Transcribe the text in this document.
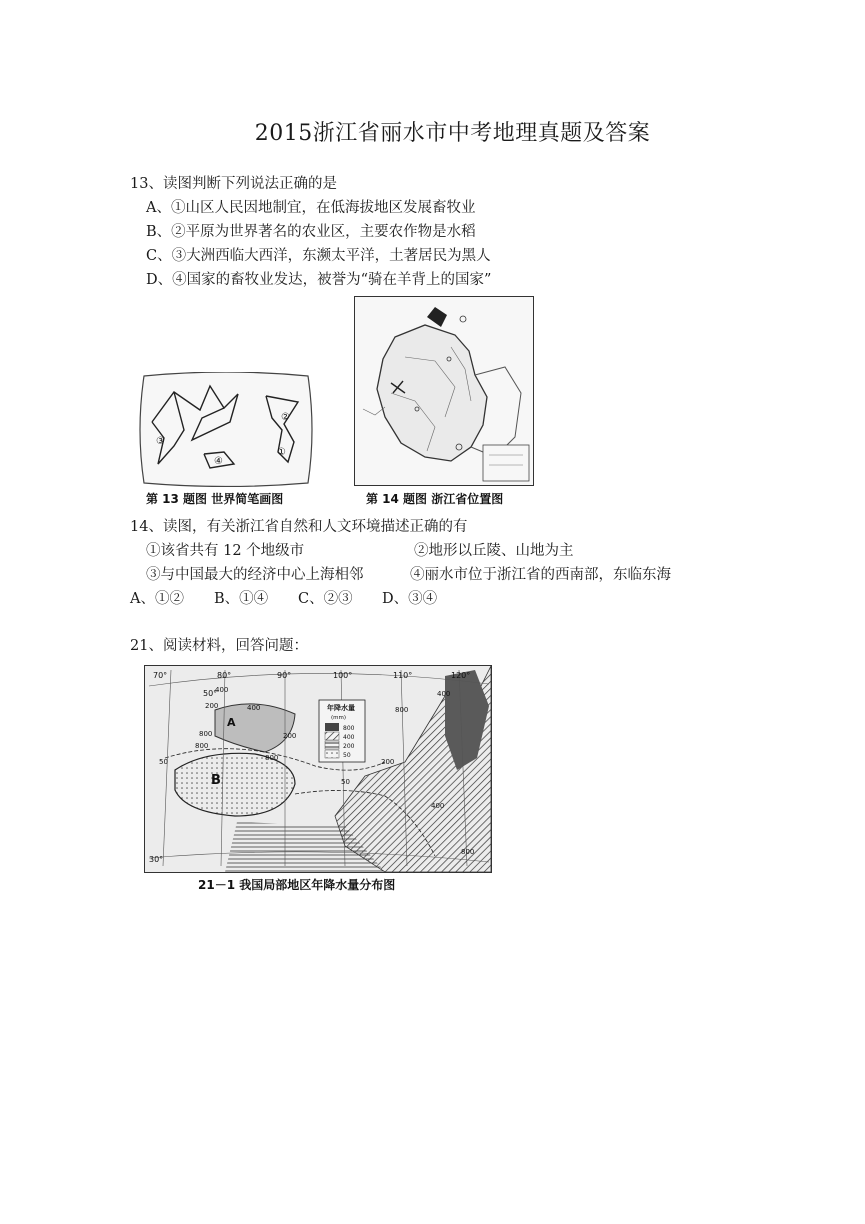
2015浙江省丽水市中考地理真题及答案
13、读图判断下列说法正确的是
A、①山区人民因地制宜，在低海拔地区发展畜牧业
B、②平原为世界著名的农业区，主要农作物是水稻
C、③大洲西临大西洋，东濒太平洋，土著居民为黑人
D、④国家的畜牧业发达，被誉为“骑在羊背上的国家”
②
①
③
④
第 13 题图 世界简笔画图	第 14 题图 浙江省位置图
14、读图，有关浙江省自然和人文环境描述正确的有
①该省共有 12 个地级市	②地形以丘陵、山地为主
③与中国最大的经济中心上海相邻	④丽水市位于浙江省的西南部，东临东海
A、①② B、①④ C、②③ D、③④
21、阅读材料，回答问题：
年降水量
(mm)
800
400
200
50
70°	80°	90°	100°	110°	120°
50°
30°
A
B
400
200
800
800
200
50
400
800
50	200
800
400
400
800
21－1 我国局部地区年降水量分布图
